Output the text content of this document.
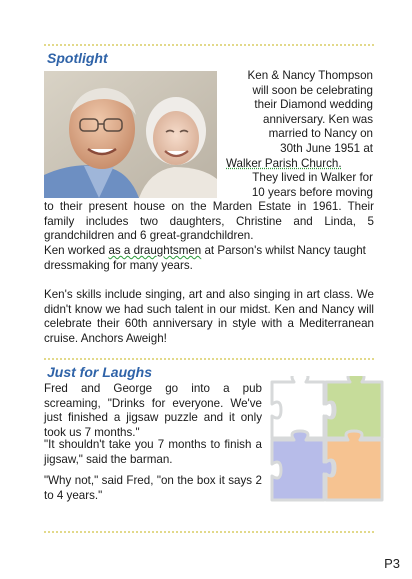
Spotlight
Ken & Nancy Thompson
will soon be celebrating
their Diamond wedding
anniversary. Ken was
married to Nancy on
30th June 1951 at
Walker Parish Church.
They lived in Walker for
10 years before moving

to their present house on the Marden Estate in 1961. Their family includes two daughters, Christine and Linda, 5 grandchildren and 6 great-grandchildren.

Ken worked as a draughtsmen at Parson's whilst Nancy taught dressmaking for many years.

Ken's skills include singing, art and also singing in art class. We didn't know we had such talent in our midst. Ken and Nancy will celebrate their 60th anniversary in style with a Mediterranean cruise. Anchors Aweigh!

Just for Laughs

Fred and George go into a pub screaming, "Drinks for everyone. We've just finished a jigsaw puzzle and it only took us 7 months."

"It shouldn't take you 7 months to finish a jigsaw," said the barman.

"Why not," said Fred, "on the box it says 2 to 4 years."

P3
